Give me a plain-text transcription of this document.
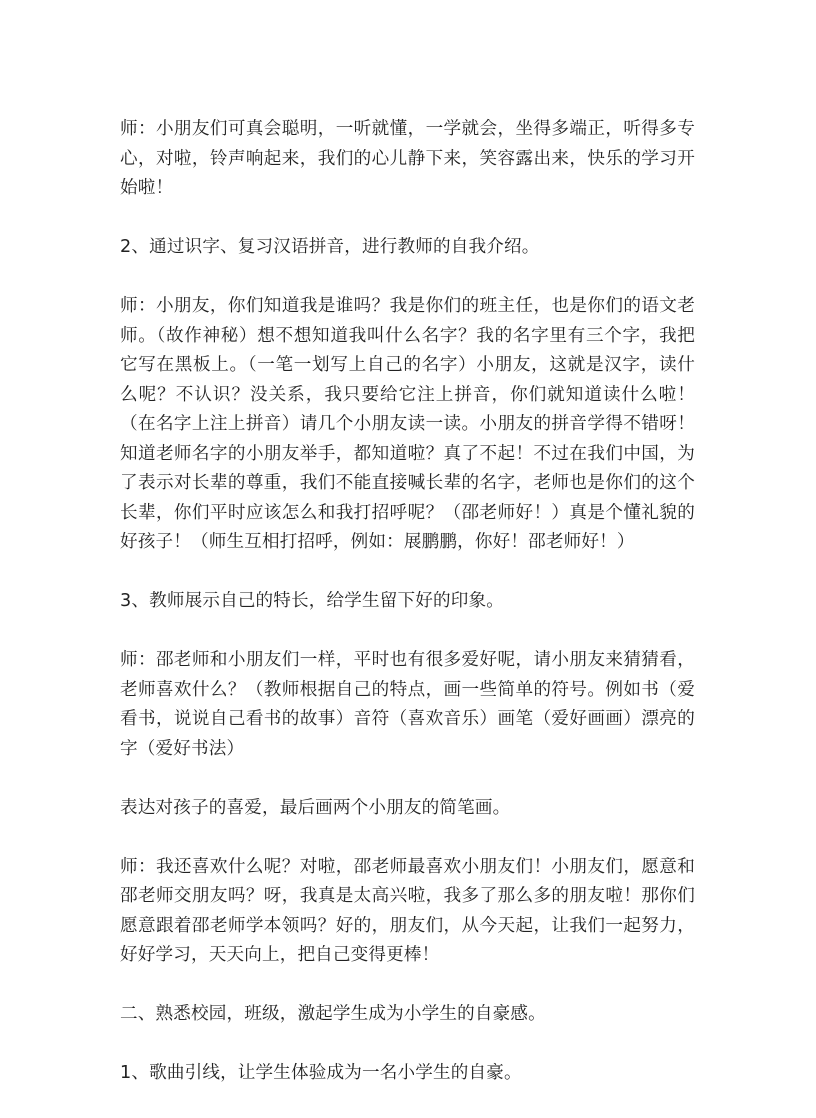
师：小朋友们可真会聪明，一听就懂，一学就会，坐得多端正，听得多专心，对啦，铃声响起来，我们的心儿静下来，笑容露出来，快乐的学习开始啦！

2、通过识字、复习汉语拼音，进行教师的自我介绍。

师：小朋友，你们知道我是谁吗？我是你们的班主任，也是你们的语文老师。（故作神秘）想不想知道我叫什么名字？我的名字里有三个字，我把它写在黑板上。（一笔一划写上自己的名字）小朋友，这就是汉字，读什么呢？不认识？没关系，我只要给它注上拼音，你们就知道读什么啦！（在名字上注上拼音）请几个小朋友读一读。小朋友的拼音学得不错呀！知道老师名字的小朋友举手，都知道啦？真了不起！不过在我们中国，为了表示对长辈的尊重，我们不能直接喊长辈的名字，老师也是你们的这个长辈，你们平时应该怎么和我打招呼呢？（邵老师好！）真是个懂礼貌的好孩子！（师生互相打招呼，例如：展鹏鹏，你好！邵老师好！）

3、教师展示自己的特长，给学生留下好的印象。

师：邵老师和小朋友们一样，平时也有很多爱好呢，请小朋友来猜猜看，老师喜欢什么？（教师根据自己的特点，画一些简单的符号。例如书（爱看书，说说自己看书的故事）音符（喜欢音乐）画笔（爱好画画）漂亮的字（爱好书法）

表达对孩子的喜爱，最后画两个小朋友的简笔画。

师：我还喜欢什么呢？对啦，邵老师最喜欢小朋友们！小朋友们，愿意和邵老师交朋友吗？呀，我真是太高兴啦，我多了那么多的朋友啦！那你们愿意跟着邵老师学本领吗？好的，朋友们，从今天起，让我们一起努力，好好学习，天天向上，把自己变得更棒！

二、熟悉校园，班级，激起学生成为小学生的自豪感。

1、歌曲引线，让学生体验成为一名小学生的自豪。
